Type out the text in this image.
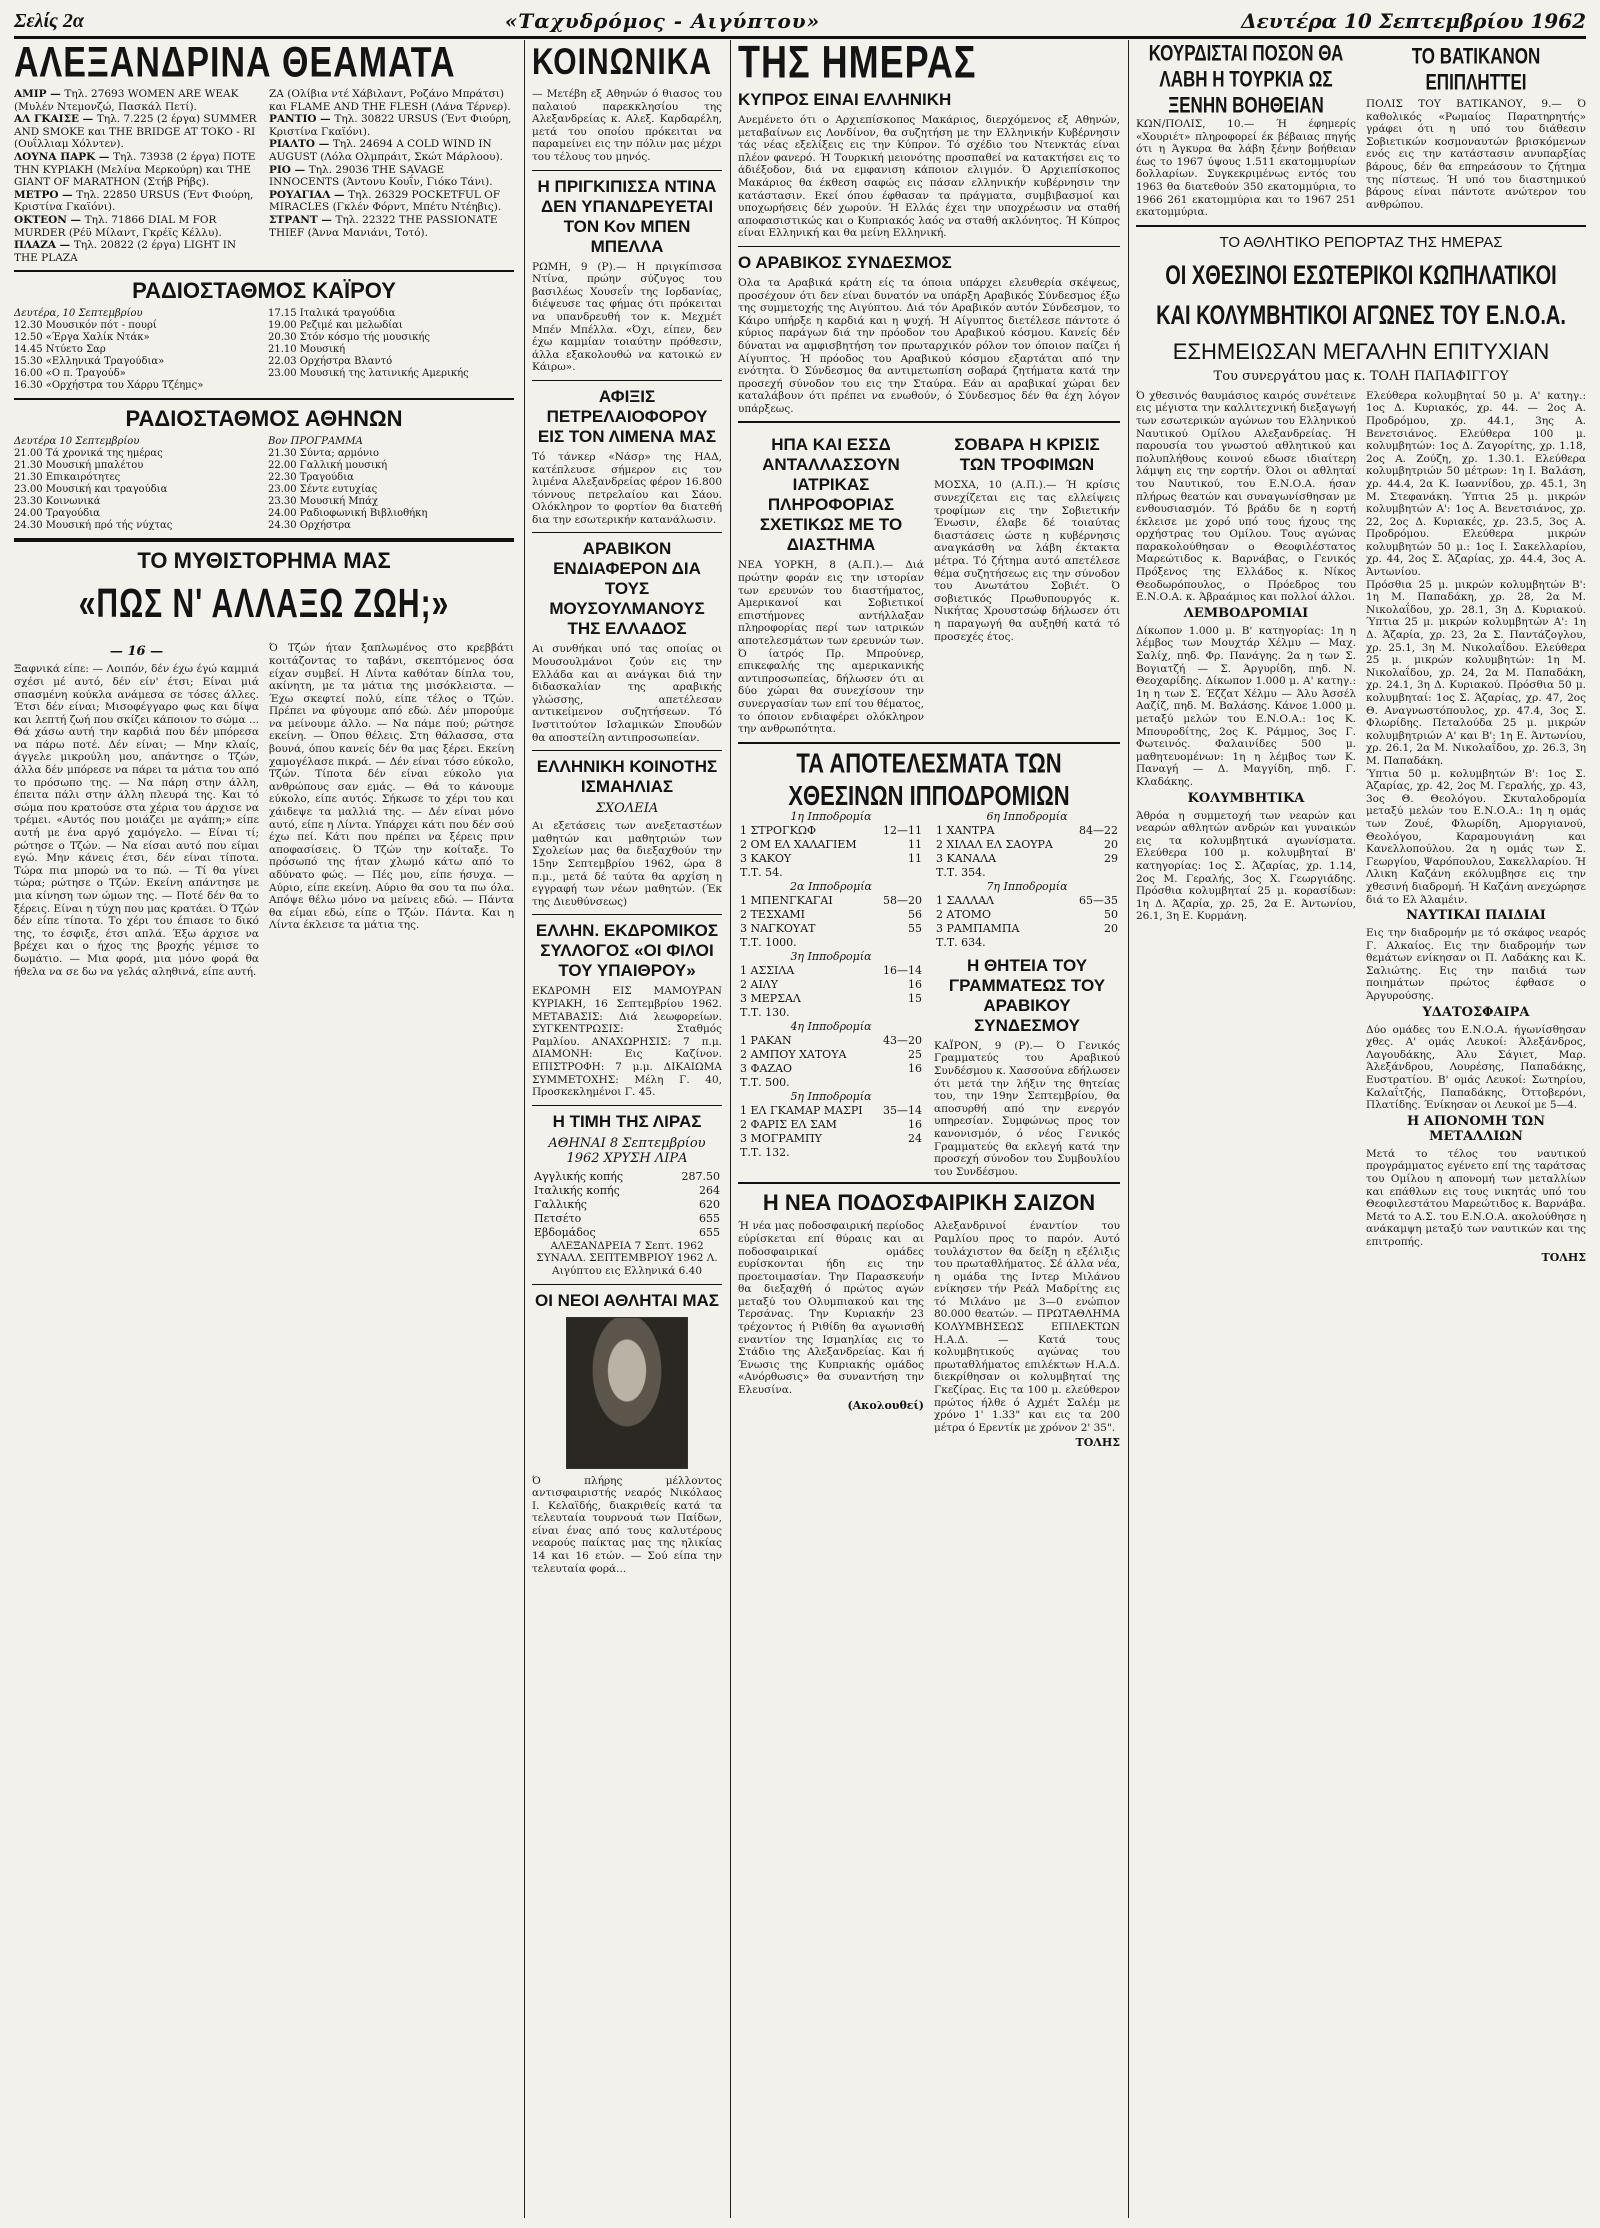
Σελίς 2α	«Ταχυδρόμος - Αιγύπτου»	Δευτέρα 10 Σεπτεμβρίου 1962
ΑΛΕΞΑΝΔΡΙΝΑ ΘΕΑΜΑΤΑ

ΑΜΙΡ — Τηλ. 27693 WOMEN ARE WEAK (Μυλέν Ντεμονζώ, Πασκάλ Πετί).

ΑΛ ΓΚΑΙΣΕ — Τηλ. 7.225 (2 έργα) SUMMER AND SMOKE και THE BRIDGE AT TOKO - RI (Ουΐλλιαμ Χόλντεν).

ΛΟΥΝΑ ΠΑΡΚ — Τηλ. 73938 (2 έργα) ΠΟΤΕ ΤΗΝ ΚΥΡΙΑΚΗ (Μελίνα Μερκούρη) και THE GIANT OF MARATHON (Στήβ Ρήβς).

ΜΕΤΡΟ — Τηλ. 22850 URSUS (Έντ Φιούρη, Κριστίνα Γκαϊόνι).

ΟΚΤΕΟΝ — Τηλ. 71866 DIAL M FOR MURDER (Ρέϋ Μίλαντ, Γκρέϊς Κέλλυ).

ΠΛΑΖΑ — Τηλ. 20822 (2 έργα) LIGHT IN THE PLAZA

ZA (Ολίβια ντέ Χάβιλαντ, Ροζάνο Μπράτσι) και FLAME AND THE FLESH (Λάνα Τέρνερ).

ΡΑΝΤΙΟ — Τηλ. 30822 URSUS (Έντ Φιούρη, Κριστίνα Γκαϊόνι).

ΡΙΑΛΤΟ — Τηλ. 24694 A COLD WIND IN AUGUST (Λόλα Ολμπράιτ, Σκώτ Μάρλοου).

ΡΙΟ — Τηλ. 29036 THE SAVAGE INNOCENTS (Άντονυ Κουΐν, Γιόκο Τάνι).

ΡΟΥΑΓΙΑΛ — Τηλ. 26329 POCKETFUL OF MIRACLES (Γκλέν Φόρντ, Μπέτυ Ντέηβις).

ΣΤΡΑΝΤ — Τηλ. 22322 THE PASSIONATE THIEF (Άννα Μανιάνι, Τοτό).

ΡΑΔΙΟΣΤΑΘΜΟΣ ΚΑΪΡΟΥ
Δευτέρα, 10 Σεπτεμβρίου
12.30 Μουσικόν πότ - πουρί
12.50 «Έργα Χαλίκ Ντάκ»
14.45 Ντύετο Σαρ
15.30 «Ελληνικά Τραγούδια»
16.00 «Ο π. Τραγούδ»
16.30 «Ορχήστρα του Χάρρυ Τζέημς»
17.15 Ιταλικά τραγούδια
19.00 Ρεζιμέ και μελωδίαι
20.30 Στόν κόσμο τής μουσικής
21.10 Μουσική
22.03 Ορχήστρα Βλαντό
23.00 Μουσική της λατινικής Αμερικής
ΡΑΔΙΟΣΤΑΘΜΟΣ ΑΘΗΝΩΝ
Δευτέρα 10 Σεπτεμβρίου
21.00 Τά χρονικά της ημέρας
21.30 Μουσική μπαλέτου
21.30 Επικαιρότητες
23.00 Μουσική και τραγούδια
23.30 Κοινωνικά
24.00 Τραγούδια
24.30 Μουσική πρό τής νύχτας
Βον ΠΡΟΓΡΑΜΜΑ
21.30 Σύντα; αρμόνιο
22.00 Γαλλική μουσική
22.30 Τραγούδια
23.00 Σέντε ευτυχίας
23.30 Μουσική Μπάχ
24.00 Ραδιοφωνική Βιβλιοθήκη
24.30 Ορχήστρα
ΤΟ ΜΥΘΙΣΤΟΡΗΜΑ ΜΑΣ
«ΠΩΣ Ν' ΑΛΛΑΞΩ ΖΩΗ;»
— 16 —

Ξαφνικά είπε: — Λοιπόν, δέν έχω έγώ καμμιά σχέσι μέ αυτό, δέν είν' έτσι; Είναι μιά σπασμένη κούκλα ανάμεσα σε τόσες άλλες. Έτσι δέν είναι; Μισοφέγγαρο φως και δίψα και λεπτή ζωή που σκίζει κάποιον το σώμα ... Θά χάσω αυτή την καρδιά που δέν μπόρεσα να πάρω ποτέ. Δέν είναι; — Μην κλαίς, άγγελε μικρούλη μου, απάντησε ο Τζών, άλλα δέν μπόρεσε να πάρει τα μάτια του από το πρόσωπο της. — Να πάρη στην άλλη, έπειτα πάλι στην άλλη πλευρά της. Και τό σώμα που κρατούσε στα χέρια του άρχισε να τρέμει. «Αυτός που μοιάζει με αγάπη;» είπε αυτή με ένα αργό χαμόγελο. — Είναι τί; ρώτησε ο Τζών. — Να είσαι αυτό που είμαι εγώ. Μην κάνεις έτσι, δέν είναι τίποτα. Τώρα πια μπορώ να το πώ. — Τί θα γίνει τώρα; ρώτησε ο Τζών. Εκείνη απάντησε με μια κίνηση των ώμων της. — Ποτέ δέν θα το ξέρεις. Είναι η τύχη που μας κρατάει. Ό Τζών δέν είπε τίποτα. Το χέρι του έπιασε το δικό της, το έσφιξε, έτσι απλά. Έξω άρχισε να βρέχει και ο ήχος της βροχής γέμισε το δωμάτιο. — Μια φορά, μια μόνο φορά θα ήθελα να σε δω να γελάς αληθινά, είπε αυτή.

Ό Τζών ήταν ξαπλωμένος στο κρεββάτι κοιτάζοντας το ταβάνι, σκεπτόμενος όσα είχαν συμβεί. Η Λίντα καθόταν δίπλα του, ακίνητη, με τα μάτια της μισόκλειστα. — Έχω σκεφτεί πολύ, είπε τέλος ο Τζών. Πρέπει να φύγουμε από εδώ. Δέν μπορούμε να μείνουμε άλλο. — Να πάμε πού; ρώτησε εκείνη. — Όπου θέλεις. Στη θάλασσα, στα βουνά, όπου κανείς δέν θα μας ξέρει. Εκείνη χαμογέλασε πικρά. — Δέν είναι τόσο εύκολο, Τζών. Τίποτα δέν είναι εύκολο για ανθρώπους σαν εμάς. — Θά το κάνουμε εύκολο, είπε αυτός. Σήκωσε το χέρι του και χάιδεψε τα μαλλιά της. — Δέν είναι μόνο αυτό, είπε η Λίντα. Υπάρχει κάτι που δέν σού έχω πεί. Κάτι που πρέπει να ξέρεις πριν αποφασίσεις. Ό Τζών την κοίταξε. Το πρόσωπό της ήταν χλωμό κάτω από το αδύνατο φώς. — Πές μου, είπε ήσυχα. — Αύριο, είπε εκείνη. Αύριο θα σου τα πω όλα. Απόψε θέλω μόνο να μείνεις εδώ. — Πάντα θα είμαι εδώ, είπε ο Τζών. Πάντα. Και η Λίντα έκλεισε τα μάτια της.

ΚΟΙΝΩΝΙΚΑ

— Μετέβη εξ Αθηνών ό θιασος του παλαιού παρεκκλησίου της Αλεξανδρείας κ. Αλεξ. Καρδαρέλη, μετά του οποίου πρόκειται να παραμείνει εις την πόλιν μας μέχρι του τέλους του μηνός.

Η ΠΡΙΓΚΙΠΙΣΣΑ ΝΤΙΝΑ ΔΕΝ ΥΠΑΝΔΡΕΥΕΤΑΙ ΤΟΝ Κον ΜΠΕΝ ΜΠΕΛΛΑ

ΡΩΜΗ, 9 (Ρ).— Η πριγκίπισσα Ντίνα, πρώην σύζυγος του βασιλέως Χουσεΐν της Ιορδανίας, διέψευσε τας φήμας ότι πρόκειται να υπανδρευθή τον κ. Μεχμέτ Μπέν Μπέλλα. «Όχι, είπεν, δεν έχω καμμίαν τοιαύτην πρόθεσιν, άλλα εξακολουθώ να κατοικώ εν Κάιρω».

ΑΦΙΞΙΣ ΠΕΤΡΕΛΑΙΟΦΟΡΟΥ ΕΙΣ ΤΟΝ ΛΙΜΕΝΑ ΜΑΣ

Τό τάνκερ «Νάσρ» της ΗΑΔ, κατέπλευσε σήμερον εις τον λιμένα Αλεξανδρείας φέρον 16.800 τόννους πετρελαίου και Σάου. Ολόκληρον το φορτίον θα διατεθή δια την εσωτερικήν κατανάλωσιν.

ΑΡΑΒΙΚΟΝ ΕΝΔΙΑΦΕΡΟΝ ΔΙΑ ΤΟΥΣ ΜΟΥΣΟΥΛΜΑΝΟΥΣ ΤΗΣ ΕΛΛΑΔΟΣ

Αι συνθήκαι υπό τας οποίας οι Μουσουλμάνοι ζούν εις την Ελλάδα και αι ανάγκαι διά την διδασκαλίαν της αραβικής γλώσσης, απετέλεσαν αντικείμενον συζητήσεων. Τό Ινστιτούτον Ισλαμικών Σπουδών θα αποστείλη αντιπροσωπείαν.

ΕΛΛΗΝΙΚΗ ΚΟΙΝΟΤΗΣ ΙΣΜΑΗΛΙΑΣ
ΣΧΟΛΕΙΑ

Αι εξετάσεις των ανεξεταστέων μαθητών και μαθητριών των Σχολείων μας θα διεξαχθούν την 15ην Σεπτεμβρίου 1962, ώρα 8 π.μ., μετά δέ ταύτα θα αρχίση η εγγραφή των νέων μαθητών. (Έκ της Διευθύνσεως)

ΕΛΛΗΝ. ΕΚΔΡΟΜΙΚΟΣ ΣΥΛΛΟΓΟΣ «ΟΙ ΦΙΛΟΙ ΤΟΥ ΥΠΑΙΘΡΟΥ»

ΕΚΔΡΟΜΗ ΕΙΣ ΜΑΜΟΥΡΑΝ ΚΥΡΙΑΚΗ, 16 Σεπτεμβρίου 1962. ΜΕΤΑΒΑΣΙΣ: Διά λεωφορείων. ΣΥΓΚΕΝΤΡΩΣΙΣ: Σταθμός Ραμλίου. ΑΝΑΧΩΡΗΣΙΣ: 7 π.μ. ΔΙΑΜΟΝΗ: Εις Καζίνον. ΕΠΙΣΤΡΟΦΗ: 7 μ.μ. ΔΙΚΑΙΩΜΑ ΣΥΜΜΕΤΟΧΗΣ: Μέλη Γ. 40, Προσκεκλημένοι Γ. 45.

Η ΤΙΜΗ ΤΗΣ ΛΙΡΑΣ
ΑΘΗΝΑΙ 8 Σεπτεμβρίου 1962 ΧΡΥΣΗ ΛΙΡΑ
Αγγλικής κοπής	287.50
Ιταλικής κοπής	264
Γαλλικής	620
Πετσέτο	655
Εβδομάδος	655

ΑΛΕΞΑΝΔΡΕΙΑ 7 Σεπτ. 1962 ΣΥΝΑΛΛ. ΣΕΠΤΕΜΒΡΙΟΥ 1962 Λ. Αιγύπτου εις Ελληνικά 6.40

ΟΙ ΝΕΟΙ ΑΘΛΗΤΑΙ ΜΑΣ

Ό πλήρης μέλλοντος αντισφαιριστής νεαρός Νικόλαος Ι. Κελαϊδής, διακριθείς κατά τα τελευταία τουρνουά των Παίδων, είναι ένας από τους καλυτέρους νεαρούς παίκτας μας της ηλικίας 14 και 16 ετών. — Σού είπα την τελευταία φορά...

ΤΗΣ ΗΜΕΡΑΣ
ΚΥΠΡΟΣ ΕΙΝΑΙ ΕΛΛΗΝΙΚΗ

Ανεμένετο ότι ο Αρχιεπίσκοπος Μακάριος, διερχόμενος εξ Αθηνών, μεταβαίνων εις Λονδίνον, θα συζητήση με την Ελληνικήν Κυβέρνησιν τάς νέας εξελίξεις εις την Κύπρον. Τό σχέδιο του Ντενκτάς είναι πλέον φανερό. Ή Τουρκική μειονότης προσπαθεί να κατακτήσει εις το άδιέξοδον, διά να εμφανιση κάποιον ελιγμόν. Ό Αρχιεπίσκοπος Μακάριος θα έκθεση σαφώς εις πάσαν ελληνικήν κυβέρνησιν την κατάστασιν. Εκεί όπου έφθασαν τα πράγματα, συμβιβασμοί και υποχωρήσεις δέν χωρούν. Ή Ελλάς έχει την υποχρέωσιν να σταθή αποφασιστικώς και ο Κυπριακός λαός να σταθή ακλόνητος. Ή Κύπρος είναι Ελληνική και θα μείνη Ελληνική.

Ο ΑΡΑΒΙΚΟΣ ΣΥΝΔΕΣΜΟΣ

Όλα τα Αραβικά κράτη είς τα όποια υπάρχει ελευθερία σκέψεως, προσέχουν ότι δεν είναι δυνατόν να υπάρξη Αραβικός Σύνδεσμος έξω της συμμετοχής της Αιγύπτου. Διά τόν Αραβικόν αυτόν Σύνδεσμον, το Κάιρο υπήρξε η καρδιά και η ψυχή. Ή Αίγυπτος διετέλεσε πάντοτε ό κύριος παράγων διά την πρόοδον του Αραβικού κόσμου. Κανείς δέν δύναται να αμφισβητήση τον πρωταρχικόν ρόλον τον όποιον παίζει ή Αίγυπτος. Ή πρόοδος του Αραβικού κόσμου εξαρτάται από την ενότητα. Ό Σύνδεσμος θα αντιμετωπίση σοβαρά ζητήματα κατά την προσεχή σύνοδον του εις την Σταύρα. Εάν αι αραβικαί χώραι δεν καταλάβουν ότι πρέπει να ενωθούν, ό Σύνδεσμος δέν θα έχη λόγον υπάρξεως.

ΗΠΑ ΚΑΙ ΕΣΣΔ ΑΝΤΑΛΛΑΣΣΟΥΝ ΙΑΤΡΙΚΑΣ ΠΛΗΡΟΦΟΡΙΑΣ ΣΧΕΤΙΚΩΣ ΜΕ ΤΟ ΔΙΑΣΤΗΜΑ

ΝΕΑ ΥΟΡΚΗ, 8 (Α.Π.).— Διά πρώτην φοράν εις την ιστορίαν των ερευνών του διαστήματος, Αμερικανοί και Σοβιετικοί επιστήμονες αντήλλαξαν πληροφορίας περί των ιατρικών αποτελεσμάτων των ερευνών των. Ό ίατρός Πρ. Μπρούνερ, επικεφαλής της αμερικανικής αντιπροσωπείας, δήλωσεν ότι αι δύο χώραι θα συνεχίσουν την συνεργασίαν των επί του θέματος, το όποιον ενδιαφέρει ολόκληρον την ανθρωπότητα.

ΣΟΒΑΡΑ Η ΚΡΙΣΙΣ ΤΩΝ ΤΡΟΦΙΜΩΝ

ΜΟΣΧΑ, 10 (Α.Π.).— Ή κρίσις συνεχίζεται εις τας ελλείψεις τροφίμων εις την Σοβιετικήν Ένωσιν, έλαβε δέ τοιαύτας διαστάσεις ώστε η κυβέρνησις αναγκάσθη να λάβη έκτακτα μέτρα. Τό ζήτημα αυτό απετέλεσε θέμα συζητήσεως εις την σύνοδον του Ανωτάτου Σοβιέτ. Ό σοβιετικός Πρωθυπουργός κ. Νικήτας Χρουστσώφ δήλωσεν ότι η παραγωγή θα αυξηθή κατά τό προσεχές έτος.

ΤΑ ΑΠΟΤΕΛΕΣΜΑΤΑ ΤΩΝ ΧΘΕΣΙΝΩΝ ΙΠΠΟΔΡΟΜΙΩΝ
1η Ιπποδρομία	
1 ΣΤΡΟΓΚΩΦ	12—11
2 ΟΜ ΕΛ ΧΑΛΑΓΙΕΜ	11
3 ΚΑΚΟΥ	11
Τ.Τ. 54.	
2α Ιπποδρομία	
1 ΜΠΕΝΓΚΑΓΑΙ	58—20
2 ΤΕΣΧΑΜΙ	56
3 ΝΑΓΚΟΥΑΤ	55
Τ.Τ. 1000.	
3η Ιπποδρομία	
1 ΑΣΣΙΛΑ	16—14
2 ΑΙΛΥ	16
3 ΜΕΡΣΑΛ	15
Τ.Τ. 130.	
4η Ιπποδρομία	
1 ΡΑΚΑΝ	43—20
2 ΑΜΠΟΥ ΧΑΤΟΥΑ	25
3 ΦΑΖΑΟ	16
Τ.Τ. 500.	
5η Ιπποδρομία	
1 ΕΛ ΓΚΑΜΑΡ ΜΑΣΡΙ	35—14
2 ΦΑΡΙΣ ΕΛ ΣΑΜ	16
3 ΜΟΓΡΑΜΠΥ	24
Τ.Τ. 132.	
6η Ιπποδρομία	
1 ΧΑΝΤΡΑ	84—22
2 ΧΙΛΑΛ ΕΛ ΣΑΟΥΡΑ	20
3 ΚΑΝΑΛΑ	29
Τ.Τ. 354.	
7η Ιπποδρομία	
1 ΣΑΛΛΑΛ	65—35
2 ΑΤΟΜΟ	50
3 ΡΑΜΠΑΜΠΑ	20
Τ.Τ. 634.	
Η ΘΗΤΕΙΑ ΤΟΥ ΓΡΑΜΜΑΤΕΩΣ ΤΟΥ ΑΡΑΒΙΚΟΥ ΣΥΝΔΕΣΜΟΥ

ΚΑΪΡΟΝ, 9 (Ρ).— Ό Γενικός Γραμματεύς του Αραβικού Συνδέσμου κ. Χασσούνα εδήλωσεν ότι μετά την λήξιν της θητείας του, την 19ην Σεπτεμβρίου, θα αποσυρθή από την ενεργόν υπηρεσίαν. Συμφώνως προς τον κανονισμόν, ό νέος Γενικός Γραμματεύς θα εκλεγή κατά την προσεχή σύνοδον του Συμβουλίου του Συνδέσμου.

Η ΝΕΑ ΠΟΔΟΣΦΑΙΡΙΚΗ ΣΑΙΖΟΝ

Ή νέα μας ποδοσφαιρική περίοδος εύρίσκεται επί θύραις και αι ποδοσφαιρικαί ομάδες ευρίσκονται ήδη εις την προετοιμασίαν. Την Παρασκευήν θα διεξαχθή ό πρώτος αγών μεταξύ του Ολυμπιακού και της Τερσάνας. Την Κυριακήν 23 τρέχοντος ή Ριθίδη θα αγωνισθή εναντίον της Ισμαηλίας εις το Στάδιο της Αλεξανδρείας. Και ή Ένωσις της Κυπριακής ομάδος «Ανόρθωσις» θα συναντήση την Ελευσίνα.

(Ακολουθεί)

Αλεξανδρινοί έναντίον του Ραμλίου προς το παρόν. Αυτό τουλάχιστον θα δείξη η εξέλιξις του πρωταθλήματος. Σέ άλλα νέα, η ομάδα της Ιντερ Μιλάνου ενίκησεν τήν Ρεάλ Μαδρίτης εις τό Μιλάνο με 3—0 ενώπιον 80.000 θεατών. — ΠΡΩΤΑΘΛΗΜΑ ΚΟΛΥΜΒΗΣΕΩΣ ΕΠΙΛΕΚΤΩΝ Η.Α.Δ. — Κατά τους κολυμβητικούς αγώνας του πρωταθλήματος επιλέκτων Η.Α.Δ. διεκρίθησαν οι κολυμβηταί της Γκεζίρας. Εις τα 100 μ. ελεύθερον πρώτος ήλθε ό Αχμέτ Σαλέμ με χρόνο 1' 1.33" και εις τα 200 μέτρα ό Ερεντίκ με χρόνον 2' 35".

ΤΟΛΗΣ
ΚΟΥΡΔΙΣΤΑΙ ΠΟΣΟΝ ΘΑ ΛΑΒΗ Η ΤΟΥΡΚΙΑ ΩΣ ΞΕΝΗΝ ΒΟΗΘΕΙΑΝ

ΚΩΝ/ΠΟΛΙΣ, 10.— Ή έφημερίς «Χουριέτ» πληροφορεί έκ βέβαιας πηγής ότι η Άγκυρα θα λάβη ξένην βοήθειαν έως το 1967 ύψους 1.511 εκατομμυρίων δολλαρίων. Συγκεκριμένως εντός του 1963 θα διατεθούν 350 εκατομμύρια, το 1966 261 εκατομμύρια και το 1967 251 εκατομμύρια.

ΤΟ ΒΑΤΙΚΑΝΟΝ ΕΠΙΠΛΗΤΤΕΙ

ΠΟΛΙΣ ΤΟΥ ΒΑΤΙΚΑΝΟΥ, 9.— Ό καθολικός «Ρωμαίος Παρατηρητής» γράφει ότι η υπό του διάθεσιν Σοβιετικών κοσμοναυτών βρισκόμενων ενός εις την κατάστασιν ανυπαρξίας βάρους, δέν θα επηρεάσουν το ζήτημα της πίστεως. Ή υπό του διαστημικού βάρους είναι πάντοτε ανώτερον του ανθρώπου.

ΤΟ ΑΘΛΗΤΙΚΟ ΡΕΠΟΡΤΑΖ ΤΗΣ ΗΜΕΡΑΣ
ΟΙ ΧΘΕΣΙΝΟΙ ΕΣΩΤΕΡΙΚΟΙ ΚΩΠΗΛΑΤΙΚΟΙ
ΚΑΙ ΚΟΛΥΜΒΗΤΙΚΟΙ ΑΓΩΝΕΣ ΤΟΥ Ε.Ν.Ο.Α.
ΕΣΗΜΕΙΩΣΑΝ ΜΕΓΑΛΗΝ ΕΠΙΤΥΧΙΑΝ
Του συνεργάτου μας κ. ΤΟΛΗ ΠΑΠΑΦΙΓΓΟΥ

Ό χθεσινός θαυμάσιος καιρός συνέτεινε εις μέγιστα την καλλιτεχνική διεξαγωγή των εσωτερικών αγώνων του Ελληνικού Ναυτικού Ομίλου Αλεξανδρείας. Ή παρουσία του γνωστού αθλητικού και πολυπλήθους κοινού εδωσε ιδιαίτερη λάμψη εις την εορτήν. Όλοι οι αθληταί του Ναυτικού, του Ε.Ν.Ο.Α. ήσαν πλήρως θεατών και συναγωνίσθησαν με ενθουσιασμόν. Τό βράδυ δε η εορτή έκλεισε με χορό υπό τους ήχους της ορχήστρας του Ομίλου. Τους αγώνας παρακολούθησαν ο Θεοφιλέστατος Μαρεώτιδος κ. Βαρνάβας, ο Γενικός Πρόξενος της Ελλάδος κ. Νίκος Θεοδωρόπουλος, ο Πρόεδρος του Ε.Ν.Ο.Α. κ. Άβραάμιος και πολλοί άλλοι.

ΛΕΜΒΟΔΡΟΜΙΑΙ

Δίκωπον 1.000 μ. Β' κατηγορίας: 1η η λέμβος των Μουχτάρ Χέλμυ — Μαχ. Σαλίχ, πηδ. Φρ. Πανάγης. 2α η των Σ. Βογιατζή — Σ. Άργυρίδη, πηδ. Ν. Θεοχαρίδης. Δίκωπον 1.000 μ. Α' κατηγ.: 1η η των Σ. Έζζατ Χέλμυ — Άλυ Άσσέλ Ααζίζ, πηδ. Μ. Βαλάσης. Κάνοε 1.000 μ. μεταξύ μελών του Ε.Ν.Ο.Α.: 1ος Κ. Μπουροδίτης, 2ος Κ. Ράμμος, 3ος Γ. Φωτεινός. Φαλαινίδες 500 μ. μαθητευομένων: 1η η λέμβος των Κ. Παναγή — Δ. Μαγγίδη, πηδ. Γ. Κλαδάκης.

ΚΟΛΥΜΒΗΤΙΚΑ

Άθρόα η συμμετοχή των νεαρών και νεαρών αθλητών ανδρών και γυναικών εις τα κολυμβητικά αγωνίσματα. Ελεύθερα 100 μ. κολυμβηταί Β' κατηγορίας: 1ος Σ. Άζαρίας, χρ. 1.14, 2ος Μ. Γεραλής, 3ος Χ. Γεωργιάδης. Πρόσθια κολυμβηταί 25 μ. κορασίδων: 1η Δ. Άζαρία, χρ. 25, 2α Ε. Άντωνίου, 26.1, 3η Ε. Κυρμάνη.

Ελεύθερα κολυμβηταί 50 μ. Α' κατηγ.: 1ος Δ. Κυριακός, χρ. 44. — 2ος Α. Προδρόμου, χρ. 44.1, 3ης Α. Βενετσιάνος. Ελεύθερα 100 μ. κολυμβητών: 1ος Δ. Ζαγορίτης, χρ. 1.18, 2ος Α. Ζούζη, χρ. 1.30.1. Ελεύθερα κολυμβητριών 50 μέτρων: 1η Ι. Βαλάση, χρ. 44.4, 2α Κ. Ιωαννίδου, χρ. 45.1, 3η Μ. Στεφανάκη. Ύπτια 25 μ. μικρών κολυμβητών Α': 1ος Α. Βενετσιάνος, χρ. 22, 2ος Δ. Κυριακές, χρ. 23.5, 3ος Α. Προδρόμου. Ελεύθερα μικρών κολυμβητών 50 μ.: 1ος Ι. Σακελλαρίου, χρ. 44, 2ος Σ. Άζαρίας, χρ. 44.4, 3ος Α. Άντωνίου.

Πρόσθια 25 μ. μικρών κολυμβητών Β': 1η Μ. Παπαδάκη, χρ. 28, 2α Μ. Νικολαΐδου, χρ. 28.1, 3η Δ. Κυριακού. Ύπτια 25 μ. μικρών κολυμβητών Α': 1η Δ. Άζαρία, χρ. 23, 2α Σ. Παντάζογλου, χρ. 25.1, 3η Μ. Νικολαΐδου. Ελεύθερα 25 μ. μικρών κολυμβητών: 1η Μ. Νικολαΐδου, χρ. 24, 2α Μ. Παπαδάκη, χρ. 24.1, 3η Δ. Κυριακού. Πρόσθια 50 μ. κολυμβηταί: 1ος Σ. Άζαρίας, χρ. 47, 2ος Θ. Αναγνωστόπουλος, χρ. 47.4, 3ος Σ. Φλωρίδης. Πεταλούδα 25 μ. μικρών κολυμβητριών Α' και Β': 1η Ε. Άντωνίου, χρ. 26.1, 2α Μ. Νικολαΐδου, χρ. 26.3, 3η Μ. Παπαδάκη.

Ύπτια 50 μ. κολυμβητών Β': 1ος Σ. Άζαρίας, χρ. 42, 2ος Μ. Γεραλής, χρ. 43, 3ος Θ. Θεολόγου. Σκυταλοδρομία μεταξύ μελών του Ε.Ν.Ο.Α.: 1η η ομάς των Ζουέ, Φλωρίδη, Αμοργιανού, Θεολόγου, Καραμουγιάνη και Κανελλοπούλου. 2α η ομάς των Σ. Γεωργίου, Ψαρόπουλου, Σακελλαρίου. Ή Λλικη Καζάνη εκόλυμβησε εις την χθεσινή διαδρομή. Ή Καζάνη ανεχώρησε διά το Ελ Άλαμέιν.

ΝΑΥΤΙΚΑΙ ΠΑΙΔΙΑΙ

Εις την διαδρομήν με τό σκάφος νεαρός Γ. Αλκαίος. Εις την διαδρομήν των θεμάτων ενίκησαν οι Π. Λαδάκης και Κ. Σαλιώτης. Εις την παιδιά των ποιημάτων πρώτος έφθασε ο Άργυρούσης.

ΥΔΑΤΟΣΦΑΙΡΑ

Δύο ομάδες του Ε.Ν.Ο.Α. ήγωνίσθησαν χθες. Α' ομάς Λευκοί: Άλεξάνδρος, Λαγουδάκης, Άλυ Σάγιετ, Μαρ. Άλεξάνδρου, Λουρέσης, Παπαδάκης, Ευστρατίου. Β' ομάς Λευκοί: Σωτηρίου, Καλαΐτζής, Παπαδάκης, Όττοβερόνι, Πλατίδης. Ένίκησαν οι Λευκοί με 5—4.

Η ΑΠΟΝΟΜΗ ΤΩΝ ΜΕΤΑΛΛΙΩΝ

Μετά το τέλος του ναυτικού προγράμματος εγένετο επί της ταράτσας του Ομίλου η απονομή των μεταλλίων και επάθλων εις τους νικητάς υπό του Θεοφιλεστάτου Μαρεώτιδος κ. Βαρνάβα. Μετά το Α.Σ. του Ε.Ν.Ο.Α. ακολούθησε η ανάκαμψη μεταξύ των ναυτικών και της επιτροπής.

ΤΟΛΗΣ
